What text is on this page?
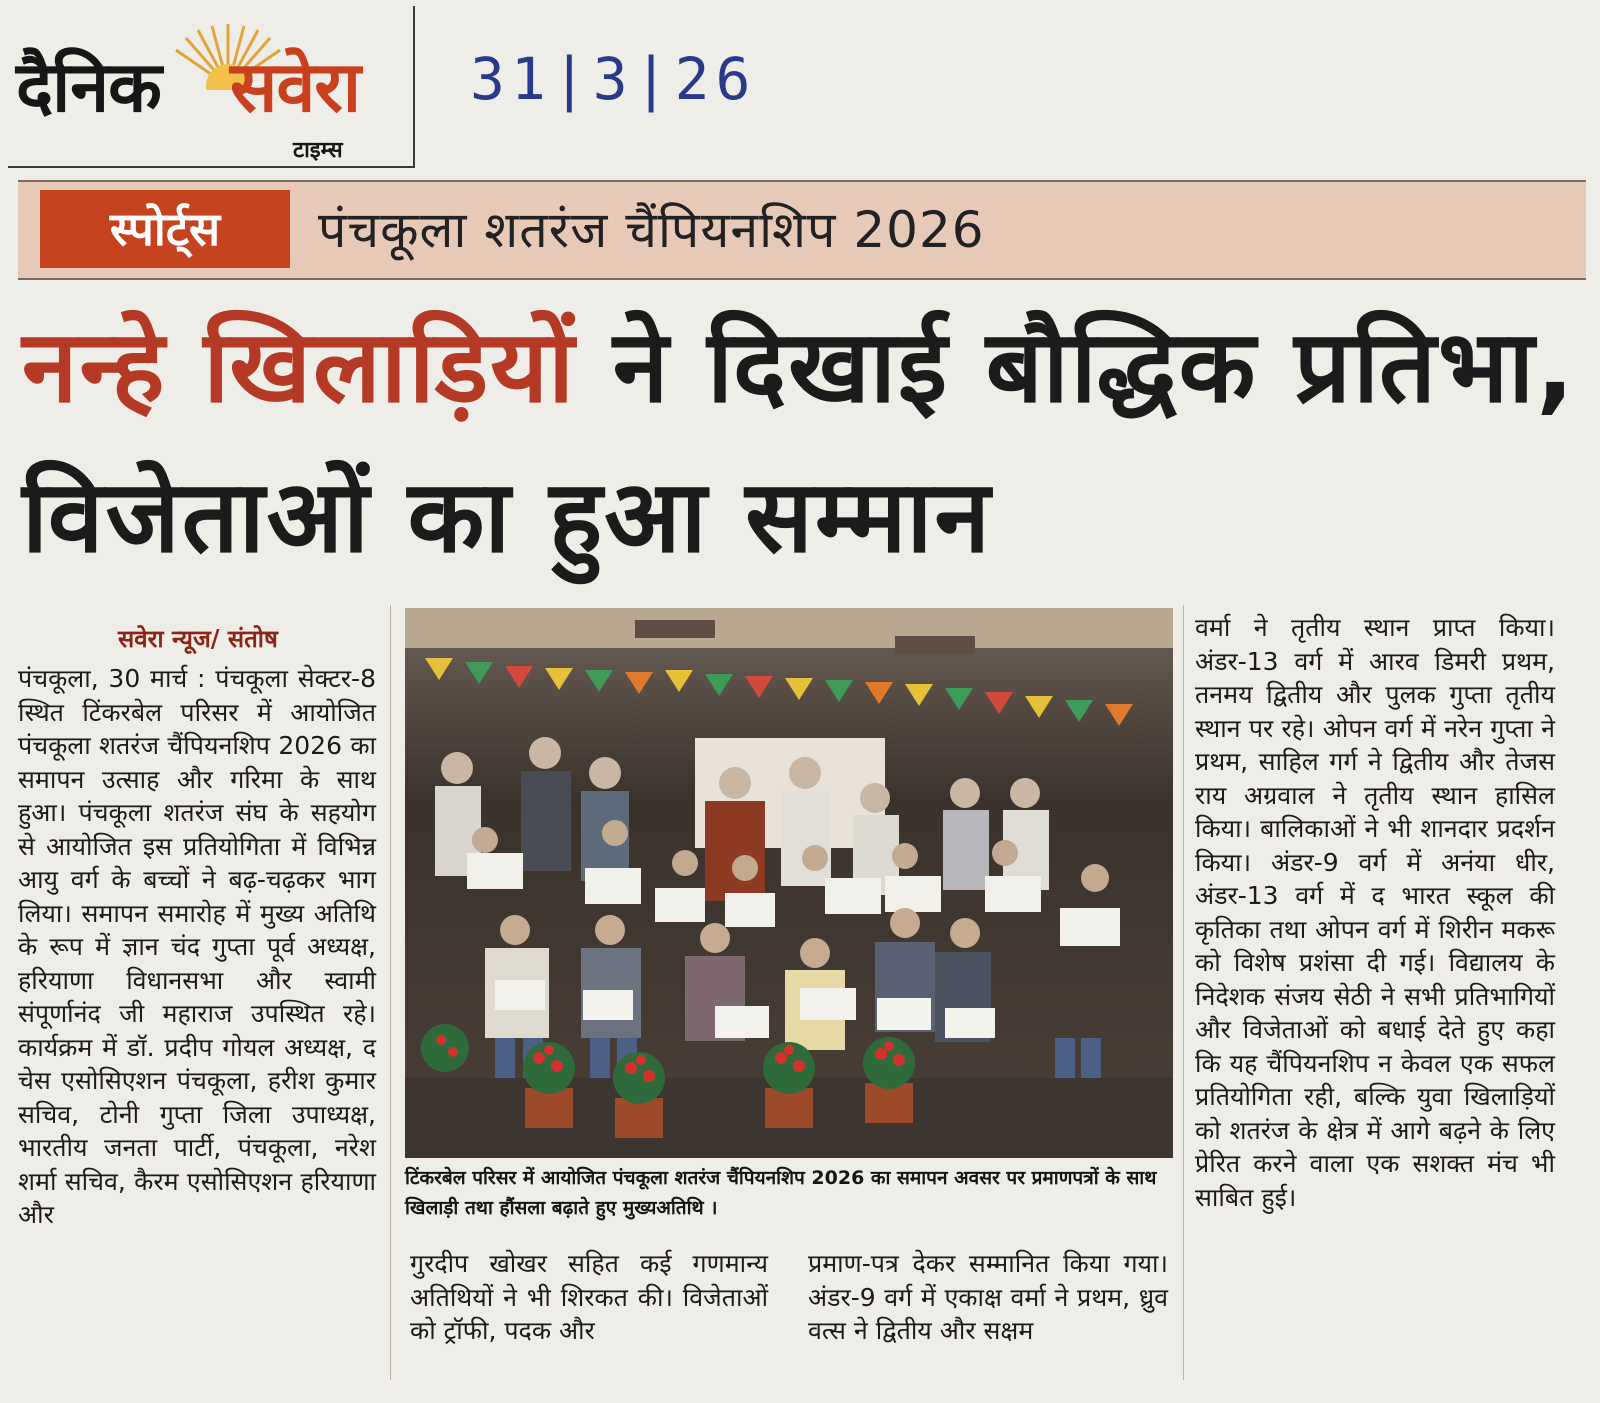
दैनिक सवेरा
टाइम्स
31|3|26
स्पोर्ट्स	पंचकूला शतरंज चैंपियनशिप 2026
नन्हे खिलाड़ियों ने दिखाई बौद्धिक प्रतिभा, विजेताओं का हुआ सम्मान
सवेरा न्यूज/ संतोष

पंचकूला, 30 मार्च : पंचकूला सेक्टर-8 स्थित टिंकरबेल परिसर में आयोजित पंचकूला शतरंज चैंपियनशिप 2026 का समापन उत्साह और गरिमा के साथ हुआ। पंचकूला शतरंज संघ के सहयोग से आयोजित इस प्रतियोगिता में विभिन्न आयु वर्ग के बच्चों ने बढ़-चढ़कर भाग लिया। समापन समारोह में मुख्य अतिथि के रूप में ज्ञान चंद गुप्ता पूर्व अध्यक्ष, हरियाणा विधानसभा और स्वामी संपूर्णानंद जी महाराज उपस्थित रहे। कार्यक्रम में डॉ. प्रदीप गोयल अध्यक्ष, द चेस एसोसिएशन पंचकूला, हरीश कुमार सचिव, टोनी गुप्ता जिला उपाध्यक्ष, भारतीय जनता पार्टी, पंचकूला, नरेश शर्मा सचिव, कैरम एसोसिएशन हरियाणा और

गुरदीप खोखर सहित कई गणमान्य अतिथियों ने भी शिरकत की। विजेताओं को ट्रॉफी, पदक और

प्रमाण-पत्र देकर सम्मानित किया गया। अंडर-9 वर्ग में एकाक्ष वर्मा ने प्रथम, ध्रुव वत्स ने द्वितीय और सक्षम

वर्मा ने तृतीय स्थान प्राप्त किया। अंडर-13 वर्ग में आरव डिमरी प्रथम, तनमय द्वितीय और पुलक गुप्ता तृतीय स्थान पर रहे। ओपन वर्ग में नरेन गुप्ता ने प्रथम, साहिल गर्ग ने द्वितीय और तेजस राय अग्रवाल ने तृतीय स्थान हासिल किया। बालिकाओं ने भी शानदार प्रदर्शन किया। अंडर-9 वर्ग में अनंया धीर, अंडर-13 वर्ग में द भारत स्कूल की कृतिका तथा ओपन वर्ग में शिरीन मकरू को विशेष प्रशंसा दी गई। विद्यालय के निदेशक संजय सेठी ने सभी प्रतिभागियों और विजेताओं को बधाई देते हुए कहा कि यह चैंपियनशिप न केवल एक सफल प्रतियोगिता रही, बल्कि युवा खिलाड़ियों को शतरंज के क्षेत्र में आगे बढ़ने के लिए प्रेरित करने वाला एक सशक्त मंच भी साबित हुई।

टिंकरबेल परिसर में आयोजित पंचकूला शतरंज चैंपियनशिप 2026 का समापन अवसर पर प्रमाणपत्रों के साथ खिलाड़ी तथा हौंसला बढ़ाते हुए मुख्यअतिथि ।
